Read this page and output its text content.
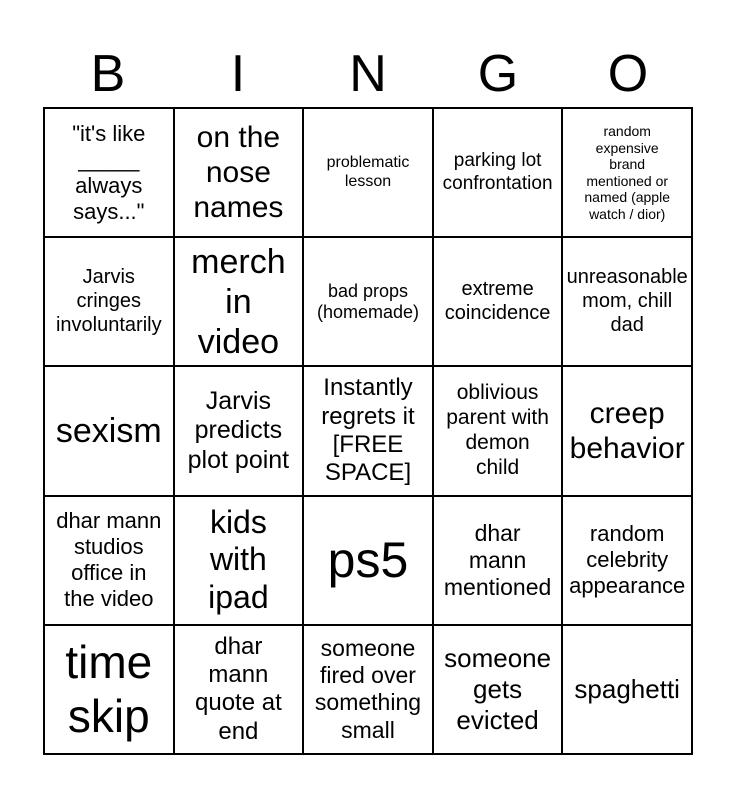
B I N G O
"it's like
_____
always
says..."
on the
nose
names
problematic
lesson
parking lot
confrontation
random
expensive
brand
mentioned or
named (apple
watch / dior)
Jarvis
cringes
involuntarily
merch
in
video
bad props
(homemade)
extreme
coincidence
unreasonable
mom, chill
dad
sexism
Jarvis
predicts
plot point
Instantly
regrets it
[FREE
SPACE]
oblivious
parent with
demon
child
creep
behavior
dhar mann
studios
office in
the video
kids
with
ipad
ps5	dhar
mann
mentioned
random
celebrity
appearance
time
skip
dhar
mann
quote at
end
someone
fired over
something
small
someone
gets
evicted
spaghetti
